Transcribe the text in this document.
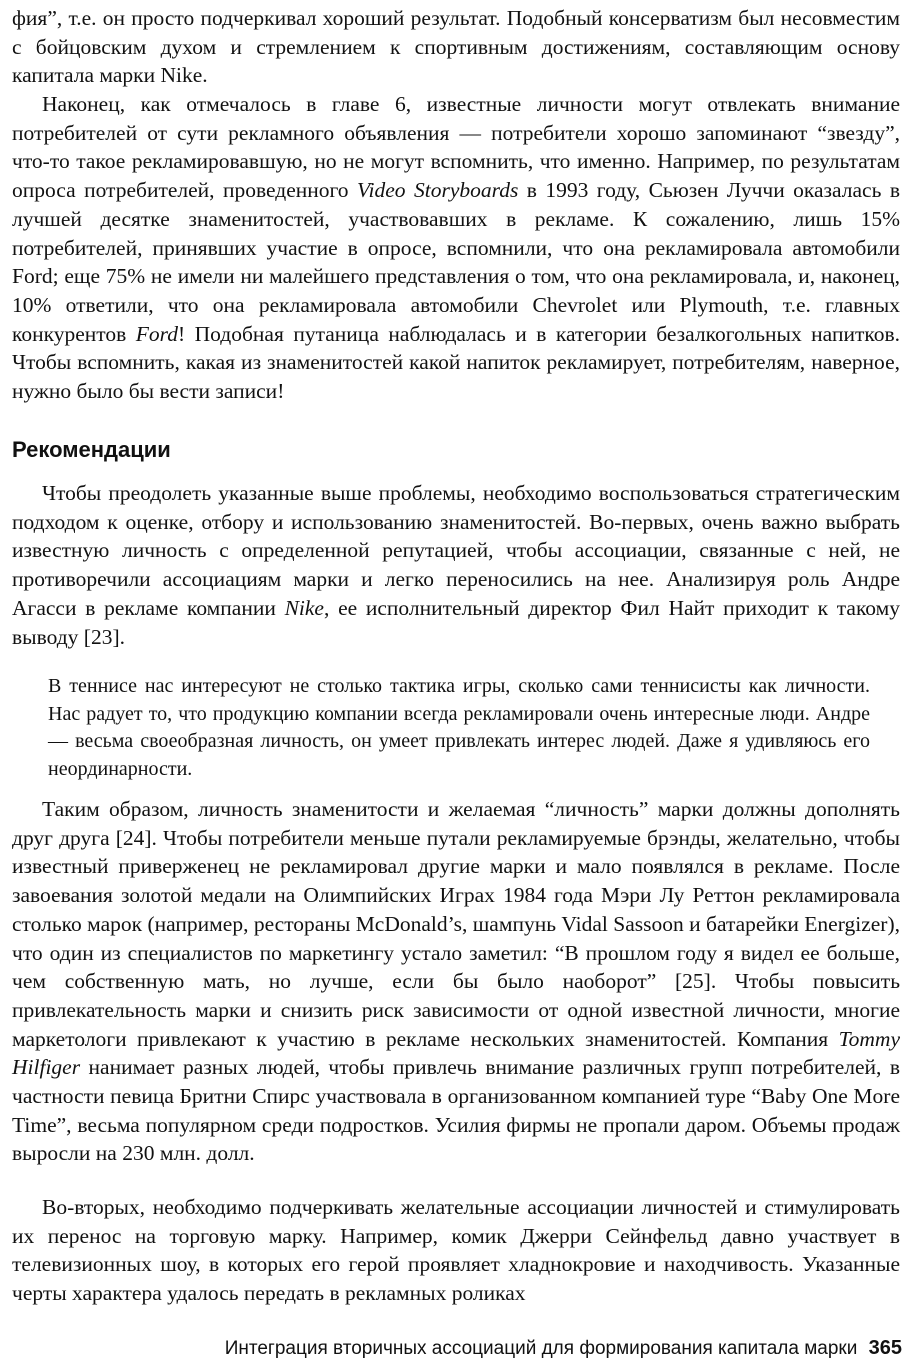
фия”, т.е. он просто подчеркивал хороший результат. Подобный консерватизм был несовместим с бойцовским духом и стремлением к спортивным достижениям, составляющим основу капитала марки Nike.

Наконец, как отмечалось в главе 6, известные личности могут отвлекать внимание потребителей от сути рекламного объявления — потребители хорошо запоминают “звезду”, что-то такое рекламировавшую, но не могут вспомнить, что именно. Например, по результатам опроса потребителей, проведенного Video Storyboards в 1993 году, Сьюзен Луччи оказалась в лучшей десятке знаменитостей, участвовавших в рекламе. К сожалению, лишь 15% потребителей, принявших участие в опросе, вспомнили, что она рекламировала автомобили Ford; еще 75% не имели ни малейшего представления о том, что она рекламировала, и, наконец, 10% ответили, что она рекламировала автомобили Chevrolet или Plymouth, т.е. главных конкурентов Ford! Подобная путаница наблюдалась и в категории безалкогольных напитков. Чтобы вспомнить, какая из знаменитостей какой напиток рекламирует, потребителям, наверное, нужно было бы вести записи!

Рекомендации

Чтобы преодолеть указанные выше проблемы, необходимо воспользоваться стратегическим подходом к оценке, отбору и использованию знаменитостей. Во-первых, очень важно выбрать известную личность с определенной репутацией, чтобы ассоциации, связанные с ней, не противоречили ассоциациям марки и легко переносились на нее. Анализируя роль Андре Агасси в рекламе компании Nike, ее исполнительный директор Фил Найт приходит к такому выводу [23].

В теннисе нас интересуют не столько тактика игры, сколько сами теннисисты как личности. Нас радует то, что продукцию компании всегда рекламировали очень интересные люди. Андре — весьма своеобразная личность, он умеет привлекать интерес людей. Даже я удивляюсь его неординарности.

Таким образом, личность знаменитости и желаемая “личность” марки должны дополнять друг друга [24]. Чтобы потребители меньше путали рекламируемые брэнды, желательно, чтобы известный приверженец не рекламировал другие марки и мало появлялся в рекламе. После завоевания золотой медали на Олимпийских Играх 1984 года Мэри Лу Реттон рекламировала столько марок (например, рестораны McDonald’s, шампунь Vidal Sassoon и батарейки Energizer), что один из специалистов по маркетингу устало заметил: “В прошлом году я видел ее больше, чем собственную мать, но лучше, если бы было наоборот” [25]. Чтобы повысить привлекательность марки и снизить риск зависимости от одной известной личности, многие маркетологи привлекают к участию в рекламе нескольких знаменитостей. Компания Tommy Hilfiger нанимает разных людей, чтобы привлечь внимание различных групп потребителей, в частности певица Бритни Спирс участвовала в организованном компанией туре “Baby One More Time”, весьма популярном среди подростков. Усилия фирмы не пропали даром. Объемы продаж выросли на 230 млн. долл.

Во-вторых, необходимо подчеркивать желательные ассоциации личностей и стимулировать их перенос на торговую марку. Например, комик Джерри Сейнфельд давно участвует в телевизионных шоу, в которых его герой проявляет хладнокровие и находчивость. Указанные черты характера удалось передать в рекламных роликах

Интеграция вторичных ассоциаций для формирования капитала марки 365
